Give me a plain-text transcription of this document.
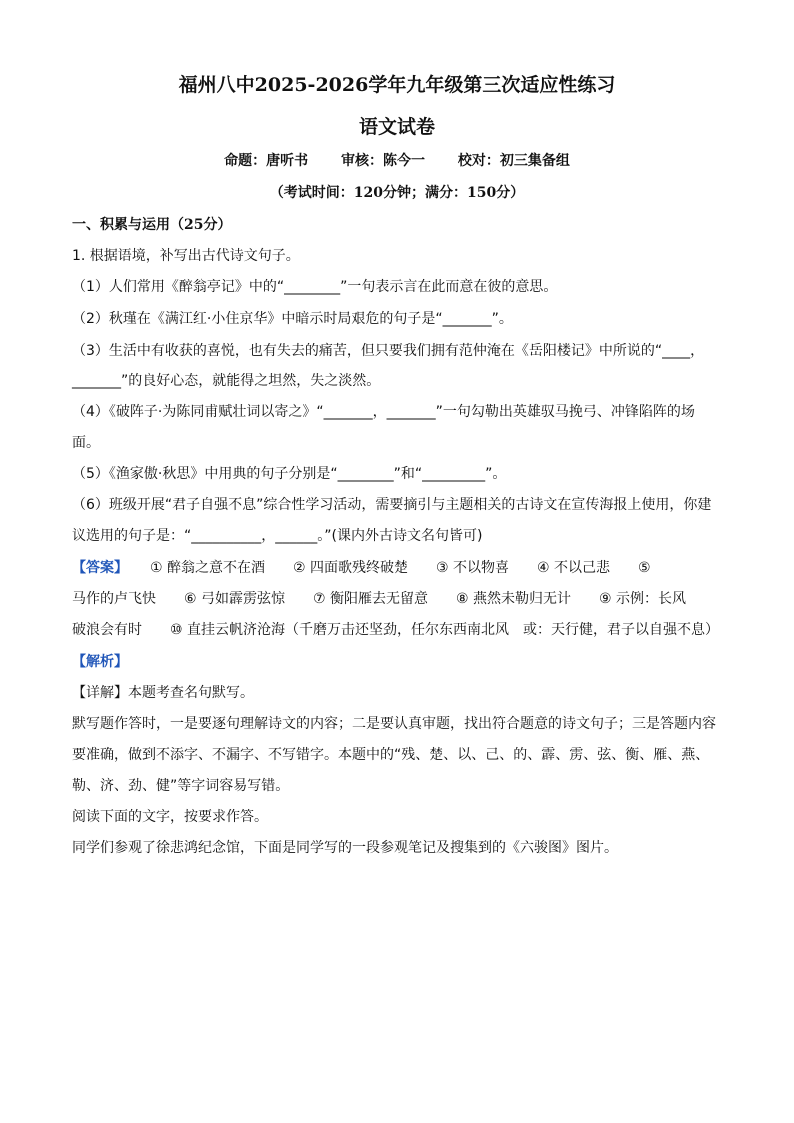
福州八中2025-2026学年九年级第三次适应性练习
语文试卷
命题：唐听书 审核：陈今一 校对：初三集备组
（考试时间：120分钟；满分：150分）
一、积累与运用（25分）
1. 根据语境，补写出古代诗文句子。
（1）人们常用《醉翁亭记》中的“________”一句表示言在此而意在彼的意思。
（2）秋瑾在《满江红·小住京华》中暗示时局艰危的句子是“_______”。
（3）生活中有收获的喜悦，也有失去的痛苦，但只要我们拥有范仲淹在《岳阳楼记》中所说的“____，
_______”的良好心态，就能得之坦然，失之淡然。
（4）《破阵子·为陈同甫赋壮词以寄之》“_______，_______”一句勾勒出英雄驭马挽弓、冲锋陷阵的场
面。
（5）《渔家傲·秋思》中用典的句子分别是“________”和“_________”。
（6）班级开展“君子自强不息”综合性学习活动，需要摘引与主题相关的古诗文在宣传海报上使用，你建
议选用的句子是：“__________，______。”(课内外古诗文名句皆可)
【答案】 ① 醉翁之意不在酒　　② 四面歌残终破楚　　③ 不以物喜　　④ 不以己悲　　⑤
马作的卢飞快　　⑥ 弓如霹雳弦惊　　⑦ 衡阳雁去无留意　　⑧ 燕然未勒归无计　　⑨ 示例：长风
破浪会有时　　⑩ 直挂云帆济沧海（千磨万击还坚劲，任尔东西南北风　或：天行健，君子以自强不息）
【解析】
【详解】本题考查名句默写。
默写题作答时，一是要逐句理解诗文的内容；二是要认真审题，找出符合题意的诗文句子；三是答题内容
要准确，做到不添字、不漏字、不写错字。本题中的“残、楚、以、己、的、霹、雳、弦、衡、雁、燕、
勒、济、劲、健”等字词容易写错。
阅读下面的文字，按要求作答。
同学们参观了徐悲鸿纪念馆，下面是同学写的一段参观笔记及搜集到的《六骏图》图片。
